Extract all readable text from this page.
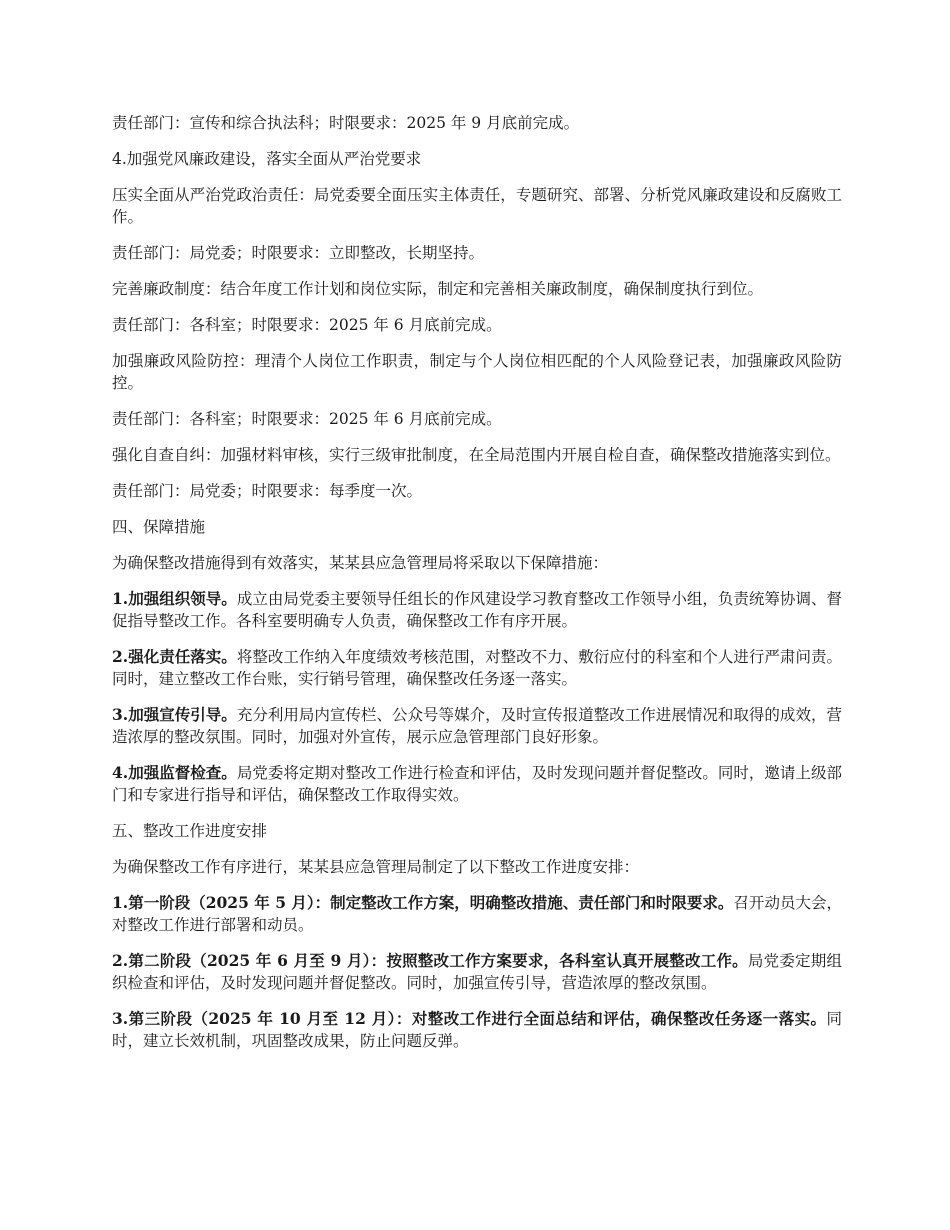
责任部门：宣传和综合执法科；时限要求：2025 年 9 月底前完成。

4.加强党风廉政建设，落实全面从严治党要求

压实全面从严治党政治责任：局党委要全面压实主体责任，专题研究、部署、分析党风廉政建设和反腐败工作。

责任部门：局党委；时限要求：立即整改，长期坚持。

完善廉政制度：结合年度工作计划和岗位实际，制定和完善相关廉政制度，确保制度执行到位。

责任部门：各科室；时限要求：2025 年 6 月底前完成。

加强廉政风险防控：理清个人岗位工作职责，制定与个人岗位相匹配的个人风险登记表，加强廉政风险防控。

责任部门：各科室；时限要求：2025 年 6 月底前完成。

强化自查自纠：加强材料审核，实行三级审批制度，在全局范围内开展自检自查，确保整改措施落实到位。

责任部门：局党委；时限要求：每季度一次。

四、保障措施

为确保整改措施得到有效落实，某某县应急管理局将采取以下保障措施：

1.加强组织领导。成立由局党委主要领导任组长的作风建设学习教育整改工作领导小组，负责统筹协调、督促指导整改工作。各科室要明确专人负责，确保整改工作有序开展。

2.强化责任落实。将整改工作纳入年度绩效考核范围，对整改不力、敷衍应付的科室和个人进行严肃问责。同时，建立整改工作台账，实行销号管理，确保整改任务逐一落实。

3.加强宣传引导。充分利用局内宣传栏、公众号等媒介，及时宣传报道整改工作进展情况和取得的成效，营造浓厚的整改氛围。同时，加强对外宣传，展示应急管理部门良好形象。

4.加强监督检查。局党委将定期对整改工作进行检查和评估，及时发现问题并督促整改。同时，邀请上级部门和专家进行指导和评估，确保整改工作取得实效。

五、整改工作进度安排

为确保整改工作有序进行，某某县应急管理局制定了以下整改工作进度安排：

1.第一阶段（2025 年 5 月）：制定整改工作方案，明确整改措施、责任部门和时限要求。召开动员大会，对整改工作进行部署和动员。

2.第二阶段（2025 年 6 月至 9 月）：按照整改工作方案要求，各科室认真开展整改工作。局党委定期组织检查和评估，及时发现问题并督促整改。同时，加强宣传引导，营造浓厚的整改氛围。

3.第三阶段（2025 年 10 月至 12 月）：对整改工作进行全面总结和评估，确保整改任务逐一落实。同时，建立长效机制，巩固整改成果，防止问题反弹。
